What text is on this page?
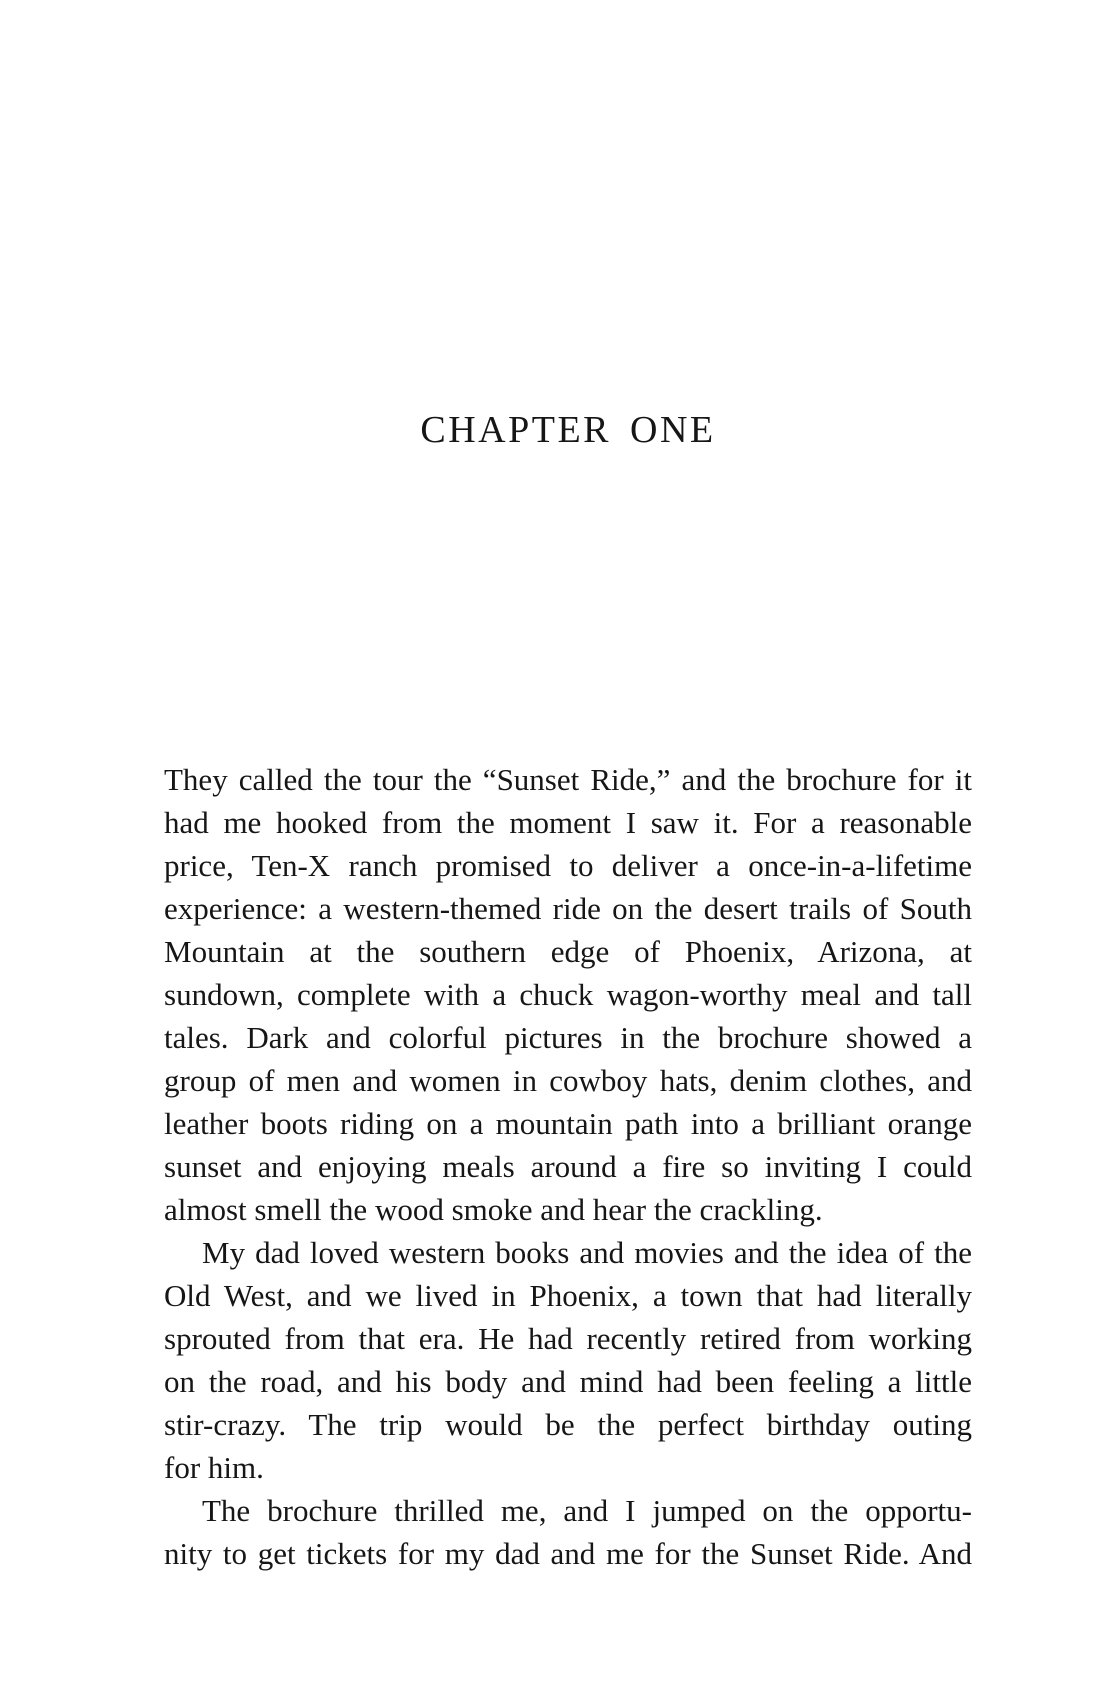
CHAPTER ONE
They called the tour the “Sunset Ride,” and the brochure for it
had me hooked from the moment I saw it. For a reasonable
price, Ten-X ranch promised to deliver a once-in-a-lifetime
experience: a western-themed ride on the desert trails of South
Mountain at the southern edge of Phoenix, Arizona, at
sundown, complete with a chuck wagon-worthy meal and tall
tales. Dark and colorful pictures in the brochure showed a
group of men and women in cowboy hats, denim clothes, and
leather boots riding on a mountain path into a brilliant orange
sunset and enjoying meals around a fire so inviting I could
almost smell the wood smoke and hear the crackling.
My dad loved western books and movies and the idea of the
Old West, and we lived in Phoenix, a town that had literally
sprouted from that era. He had recently retired from working
on the road, and his body and mind had been feeling a little
stir-crazy. The trip would be the perfect birthday outing
for him.
The brochure thrilled me, and I jumped on the opportu-
nity to get tickets for my dad and me for the Sunset Ride. And
